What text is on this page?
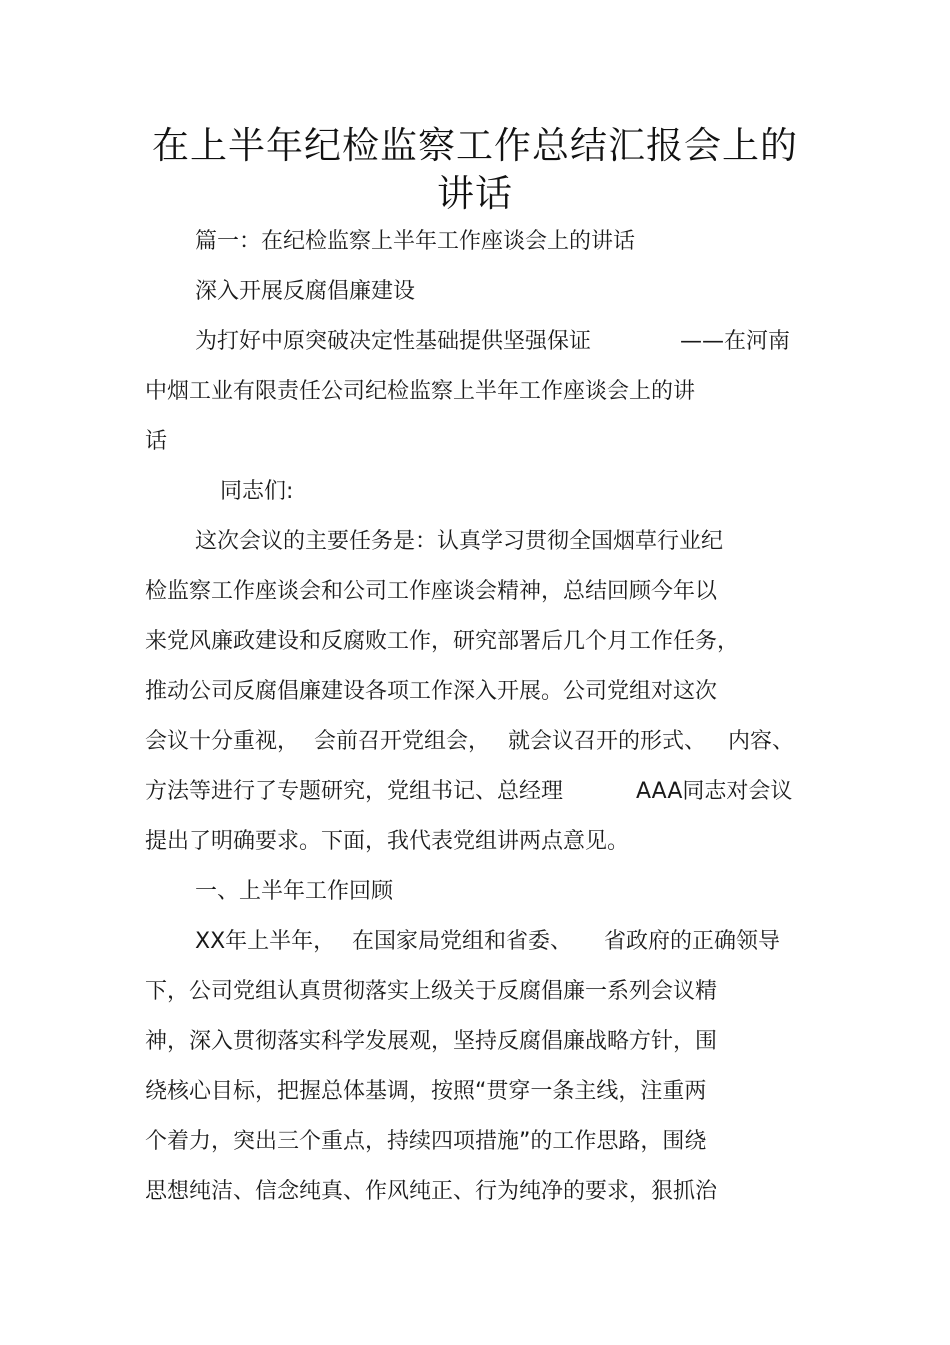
在上半年纪检监察工作总结汇报会上的
讲话
篇一：在纪检监察上半年工作座谈会上的讲话
深入开展反腐倡廉建设
为打好中原突破决定性基础提供坚强保证	——在河南
中烟工业有限责任公司纪检监察上半年工作座谈会上的讲
话
同志们:
这次会议的主要任务是：认真学习贯彻全国烟草行业纪
检监察工作座谈会和公司工作座谈会精神，总结回顾今年以
来党风廉政建设和反腐败工作，研究部署后几个月工作任务，
推动公司反腐倡廉建设各项工作深入开展。公司党组对这次
会议十分重视， 会前召开党组会， 就会议召开的形式、 内容、
方法等进行了专题研究，党组书记、总经理	AAA同志对会议
提出了明确要求。下面，我代表党组讲两点意见。
一、上半年工作回顾
XX年上半年， 在国家局党组和省委、 省政府的正确领导
下，公司党组认真贯彻落实上级关于反腐倡廉一系列会议精
神，深入贯彻落实科学发展观，坚持反腐倡廉战略方针，围
绕核心目标，把握总体基调，按照“贯穿一条主线，注重两
个着力，突出三个重点，持续四项措施”的工作思路，围绕
思想纯洁、信念纯真、作风纯正、行为纯净的要求，狠抓治
